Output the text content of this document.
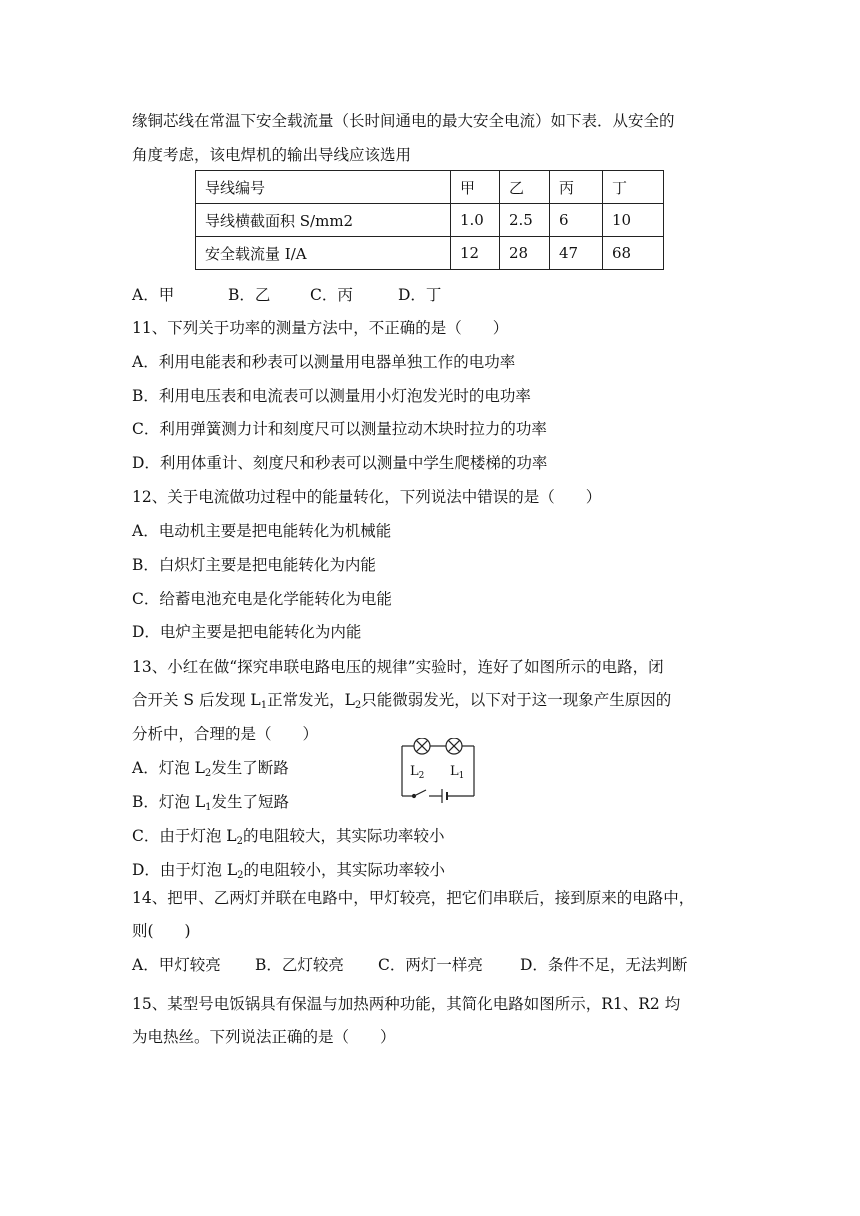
缘铜芯线在常温下安全载流量（长时间通电的最大安全电流）如下表．从安全的
角度考虑，该电焊机的输出导线应该选用
导线编号	甲	乙	丙	丁
导线横截面积 S/mm2	1.0	2.5	6	10
安全载流量 I/A	12	28	47	68
A．甲	B．乙	C．丙	D．丁
11、下列关于功率的测量方法中，不正确的是（　　）
A．利用电能表和秒表可以测量用电器单独工作的电功率
B．利用电压表和电流表可以测量用小灯泡发光时的电功率
C．利用弹簧测力计和刻度尺可以测量拉动木块时拉力的功率
D．利用体重计、刻度尺和秒表可以测量中学生爬楼梯的功率
12、关于电流做功过程中的能量转化，下列说法中错误的是（　　）
A．电动机主要是把电能转化为机械能
B．白炽灯主要是把电能转化为内能
C．给蓄电池充电是化学能转化为电能
D．电炉主要是把电能转化为内能
13、小红在做“探究串联电路电压的规律”实验时，连好了如图所示的电路，闭
合开关 S 后发现 $L_1$正常发光，$L_2$只能微弱发光，以下对于这一现象产生原因的
分析中，合理的是（　　）
A．灯泡 $L_2$发生了断路
B．灯泡 $L_1$发生了短路
C．由于灯泡 $L_2$的电阻较大，其实际功率较小
D．由于灯泡 $L_2$的电阻较小，其实际功率较小
$L_2$ $L_1$
14、把甲、乙两灯并联在电路中，甲灯较亮，把它们串联后，接到原来的电路中，
则(　　)
A．甲灯较亮 B．乙灯较亮 C．两灯一样亮 D．条件不足，无法判断
15、某型号电饭锅具有保温与加热两种功能，其简化电路如图所示，R1、R2 均
为电热丝。下列说法正确的是（　　）
